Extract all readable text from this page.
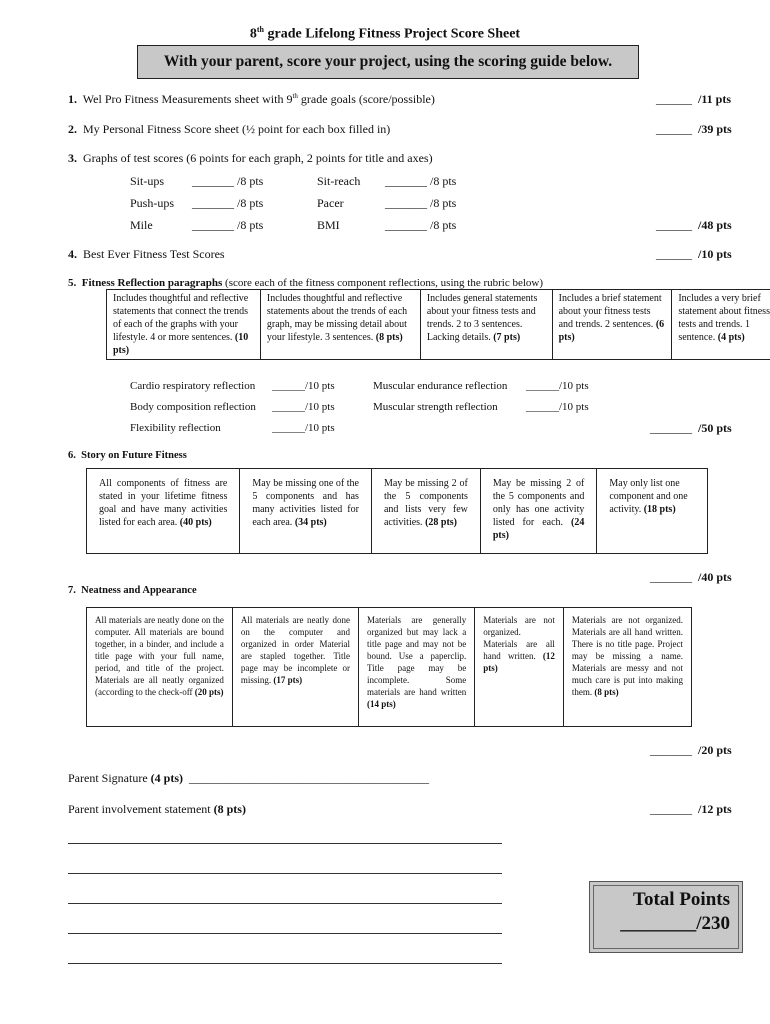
8th grade Lifelong Fitness Project Score Sheet
With your parent, score your project, using the scoring guide below.
1. Wel Pro Fitness Measurements sheet with 9th grade goals (score/possible)	______ /11 pts
2. My Personal Fitness Score sheet (½ point for each box filled in)	______ /39 pts
3. Graphs of test scores (6 points for each graph, 2 points for title and axes)
Sit-ups _______ /8 pts	Sit-reach _______ /8 pts
Push-ups _______ /8 pts	Pacer	_______ /8 pts
Mile	_______ /8 pts	BMI	_______ /8 pts	______ /48 pts
4. Best Ever Fitness Test Scores	______ /10 pts
5. Fitness Reflection paragraphs (score each of the fitness component reflections, using the rubric below)
Includes thoughtful and reflective statements that connect the trends of each of the graphs with your lifestyle. 4 or more sentences. (10 pts)	Includes thoughtful and reflective statements about the trends of each graph, may be missing detail about your lifestyle. 3 sentences. (8 pts)	Includes general statements about your fitness tests and trends. 2 to 3 sentences. Lacking details. (7 pts)	Includes a brief statement about your fitness tests and trends. 2 sentences. (6 pts)	Includes a very brief statement about fitness tests and trends. 1 sentence. (4 pts)
Cardio respiratory reflection ______/10 pts	Muscular endurance reflection ______/10 pts
Body composition reflection ______/10 pts	Muscular strength reflection	______/10 pts
Flexibility reflection	______/10 pts	_______ /50 pts
6. Story on Future Fitness
All components of fitness are stated in your lifetime fitness goal and have many activities listed for each area. (40 pts)	May be missing one of the 5 components and has many activities listed for each area. (34 pts)	May be missing 2 of the 5 components and lists very few activities. (28 pts)	May be missing 2 of the 5 components and only has one activity listed for each. (24 pts)	May only list one component and one activity. (18 pts)
_______ /40 pts
7. Neatness and Appearance
All materials are neatly done on the computer. All materials are bound together, in a binder, and include a title page with your full name, period, and title of the project. Materials are all neatly organized (according to the check-off (20 pts)	All materials are neatly done on the computer and organized in order Material are stapled together. Title page may be incomplete or missing. (17 pts)	Materials are generally organized but may lack a title page and may not be bound. Use a paperclip. Title page may be incomplete. Some materials are hand written (14 pts)	Materials are not organized. Materials are all hand written. (12 pts)	Materials are not organized. Materials are all hand written. There is no title page. Project may be missing a name. Materials are messy and not much care is put into making them. (8 pts)
_______ /20 pts
Parent Signature (4 pts) ________________________________________
Parent involvement statement (8 pts)	_______ /12 pts
Total Points
________/230
